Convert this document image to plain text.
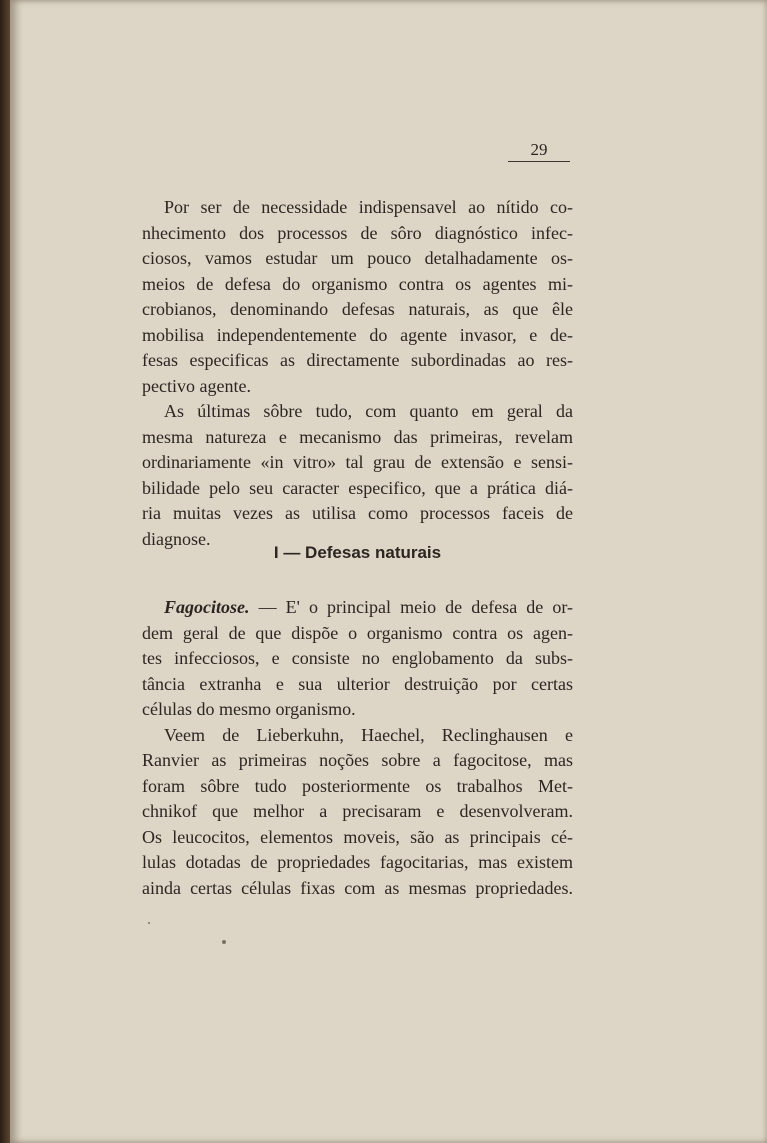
29
Por ser de necessidade indispensavel ao nítido co-
nhecimento dos processos de sôro diagnóstico infec-
ciosos, vamos estudar um pouco detalhadamente os-
meios de defesa do organismo contra os agentes mi-
crobianos, denominando defesas naturais, as que êle
mobilisa independentemente do agente invasor, e de-
fesas especificas as directamente subordinadas ao res-
pectivo agente.
As últimas sôbre tudo, com quanto em geral da
mesma natureza e mecanismo das primeiras, revelam
ordinariamente «in vitro» tal grau de extensão e sensi-
bilidade pelo seu caracter especifico, que a prática diá-
ria muitas vezes as utilisa como processos faceis de
diagnose.
I — Defesas naturais
Fagocitose. — E' o principal meio de defesa de or-
dem geral de que dispõe o organismo contra os agen-
tes infecciosos, e consiste no englobamento da subs-
tância extranha e sua ulterior destruição por certas
células do mesmo organismo.
Veem de Lieberkuhn, Haechel, Reclinghausen e
Ranvier as primeiras noções sobre a fagocitose, mas
foram sôbre tudo posteriormente os trabalhos Met-
chnikof que melhor a precisaram e desenvolveram.
Os leucocitos, elementos moveis, são as principais cé-
lulas dotadas de propriedades fagocitarias, mas existem
ainda certas células fixas com as mesmas propriedades.
